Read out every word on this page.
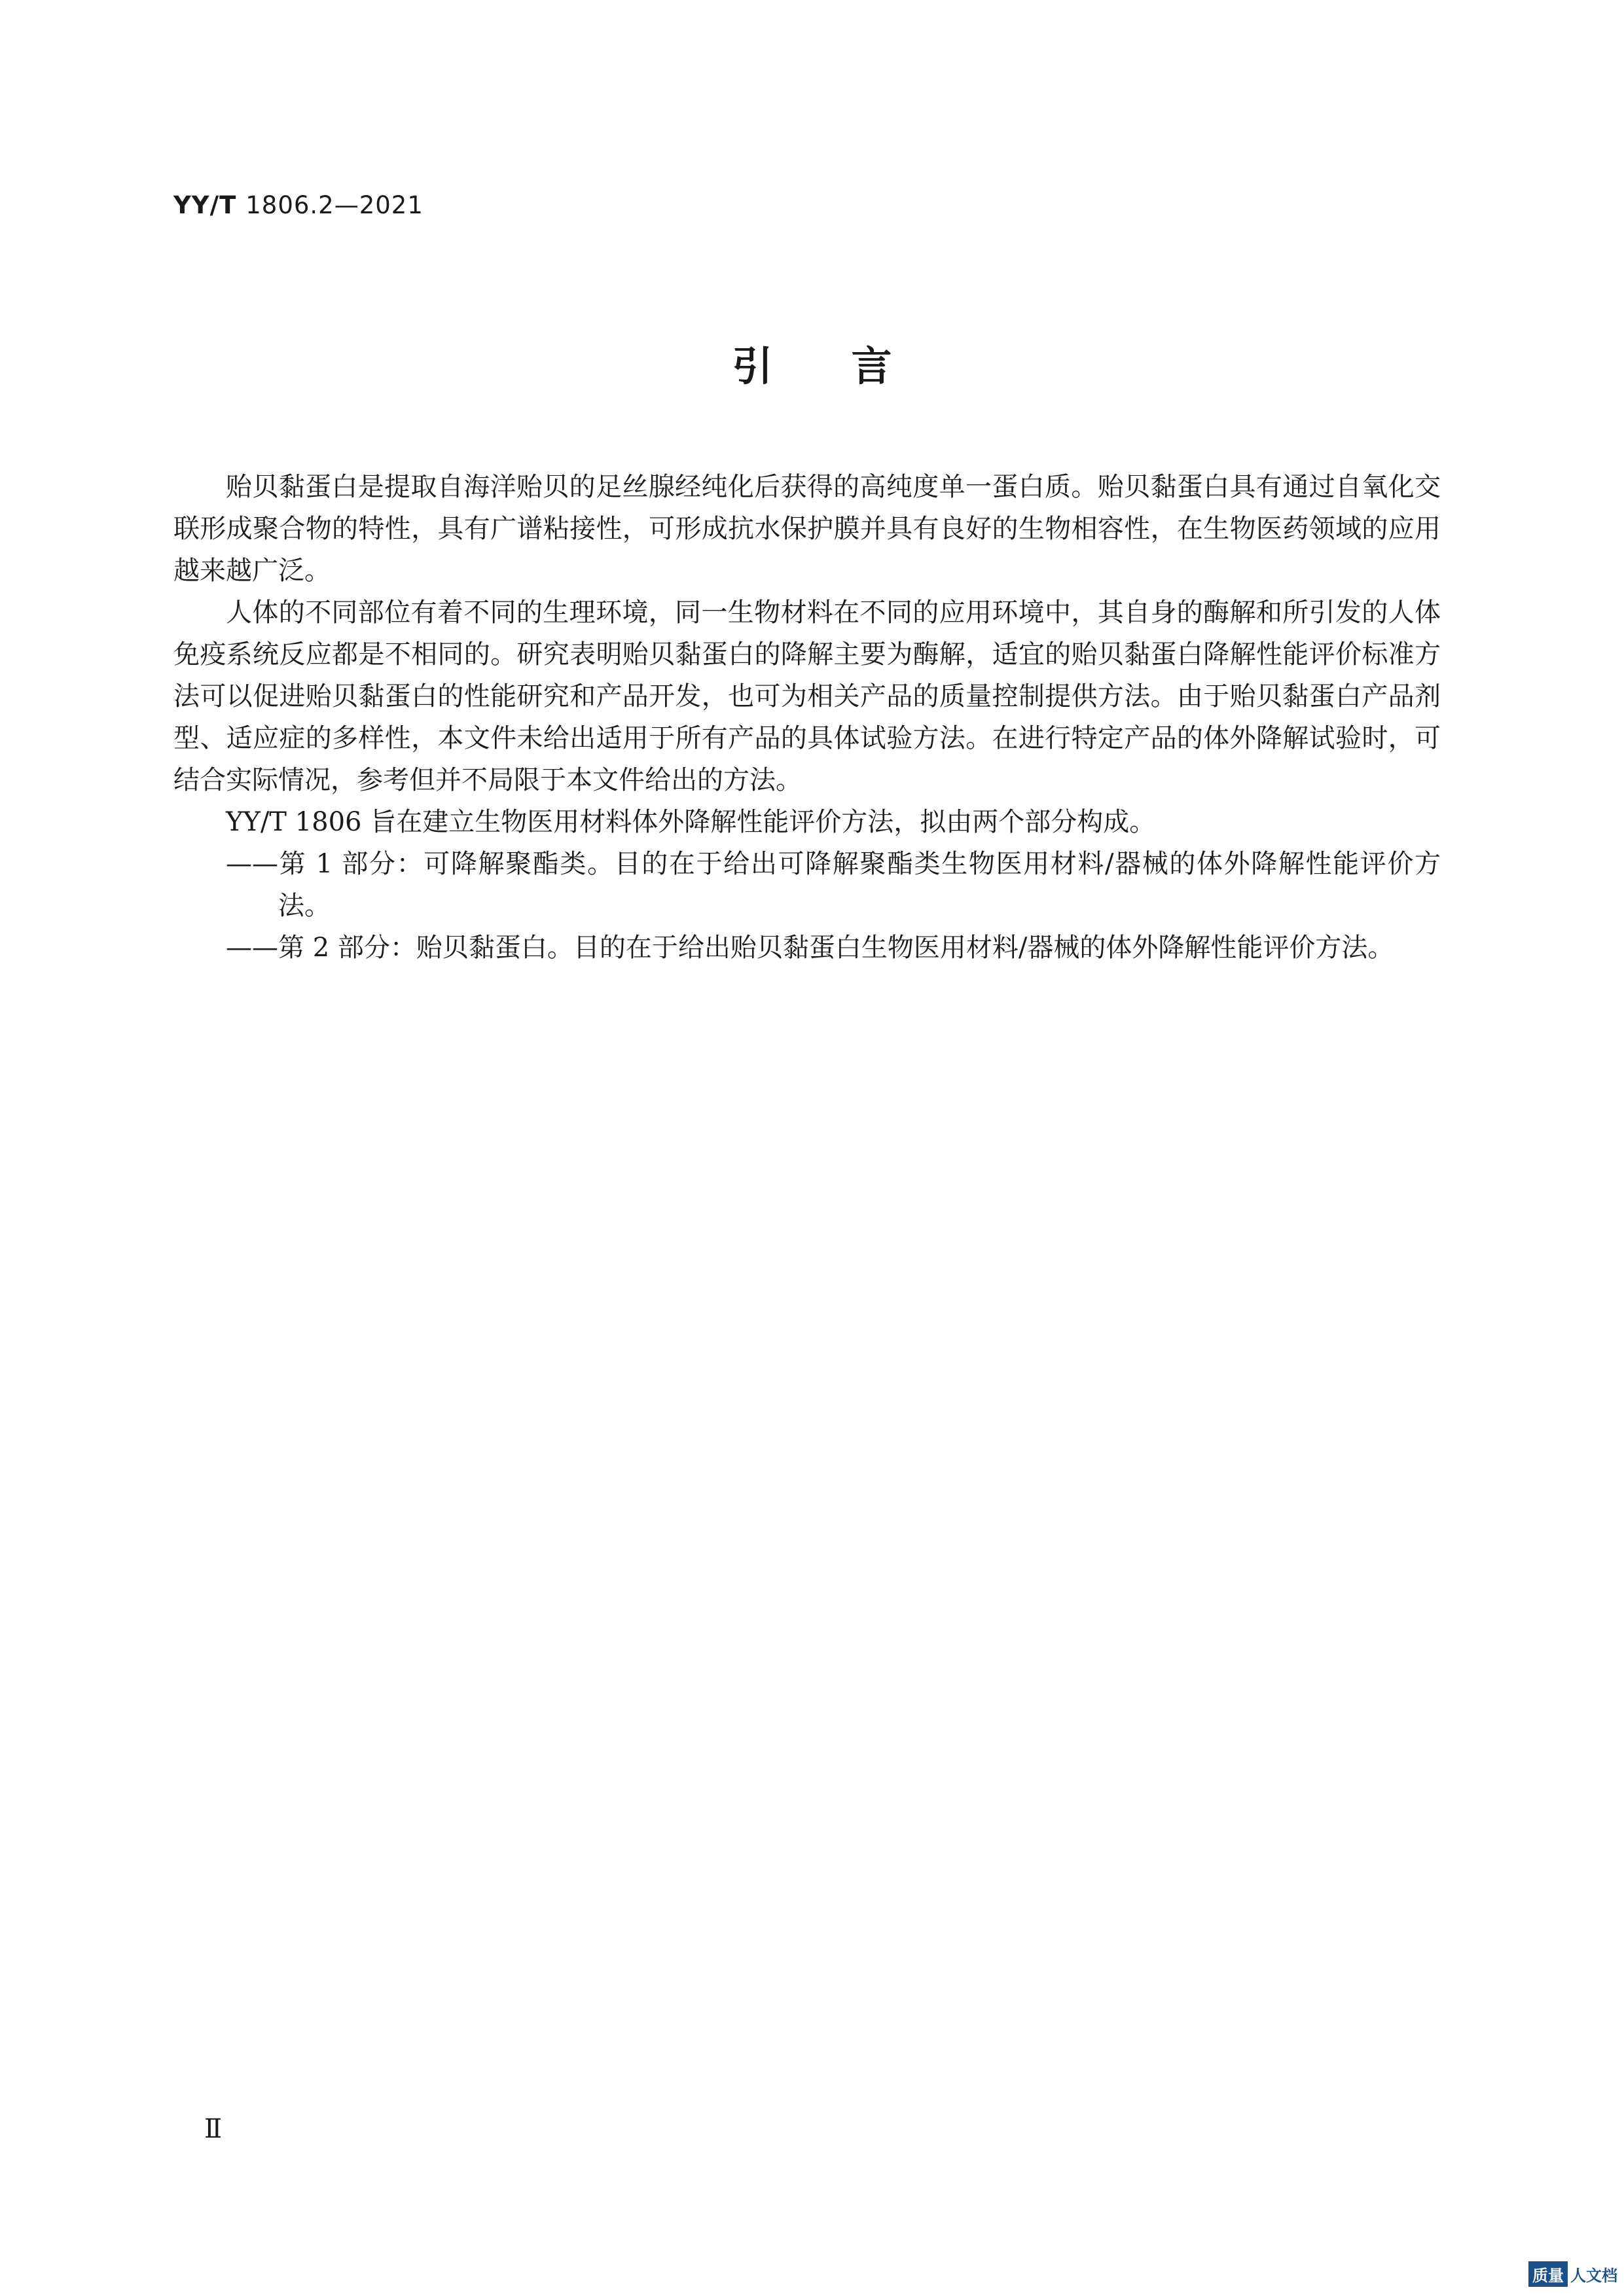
YY/T 1806.2—2021
引 言

贻贝黏蛋白是提取自海洋贻贝的足丝腺经纯化后获得的高纯度单一蛋白质。贻贝黏蛋白具有通过自氧化交联形成聚合物的特性，具有广谱粘接性，可形成抗水保护膜并具有良好的生物相容性，在生物医药领域的应用越来越广泛。

人体的不同部位有着不同的生理环境，同一生物材料在不同的应用环境中，其自身的酶解和所引发的人体免疫系统反应都是不相同的。研究表明贻贝黏蛋白的降解主要为酶解，适宜的贻贝黏蛋白降解性能评价标准方法可以促进贻贝黏蛋白的性能研究和产品开发，也可为相关产品的质量控制提供方法。由于贻贝黏蛋白产品剂型、适应症的多样性，本文件未给出适用于所有产品的具体试验方法。在进行特定产品的体外降解试验时，可结合实际情况，参考但并不局限于本文件给出的方法。

YY/T 1806 旨在建立生物医用材料体外降解性能评价方法，拟由两个部分构成。

——第 1 部分：可降解聚酯类。目的在于给出可降解聚酯类生物医用材料/器械的体外降解性能评价方法。

——第 2 部分：贻贝黏蛋白。目的在于给出贻贝黏蛋白生物医用材料/器械的体外降解性能评价方法。

Ⅱ
质量 人文档
